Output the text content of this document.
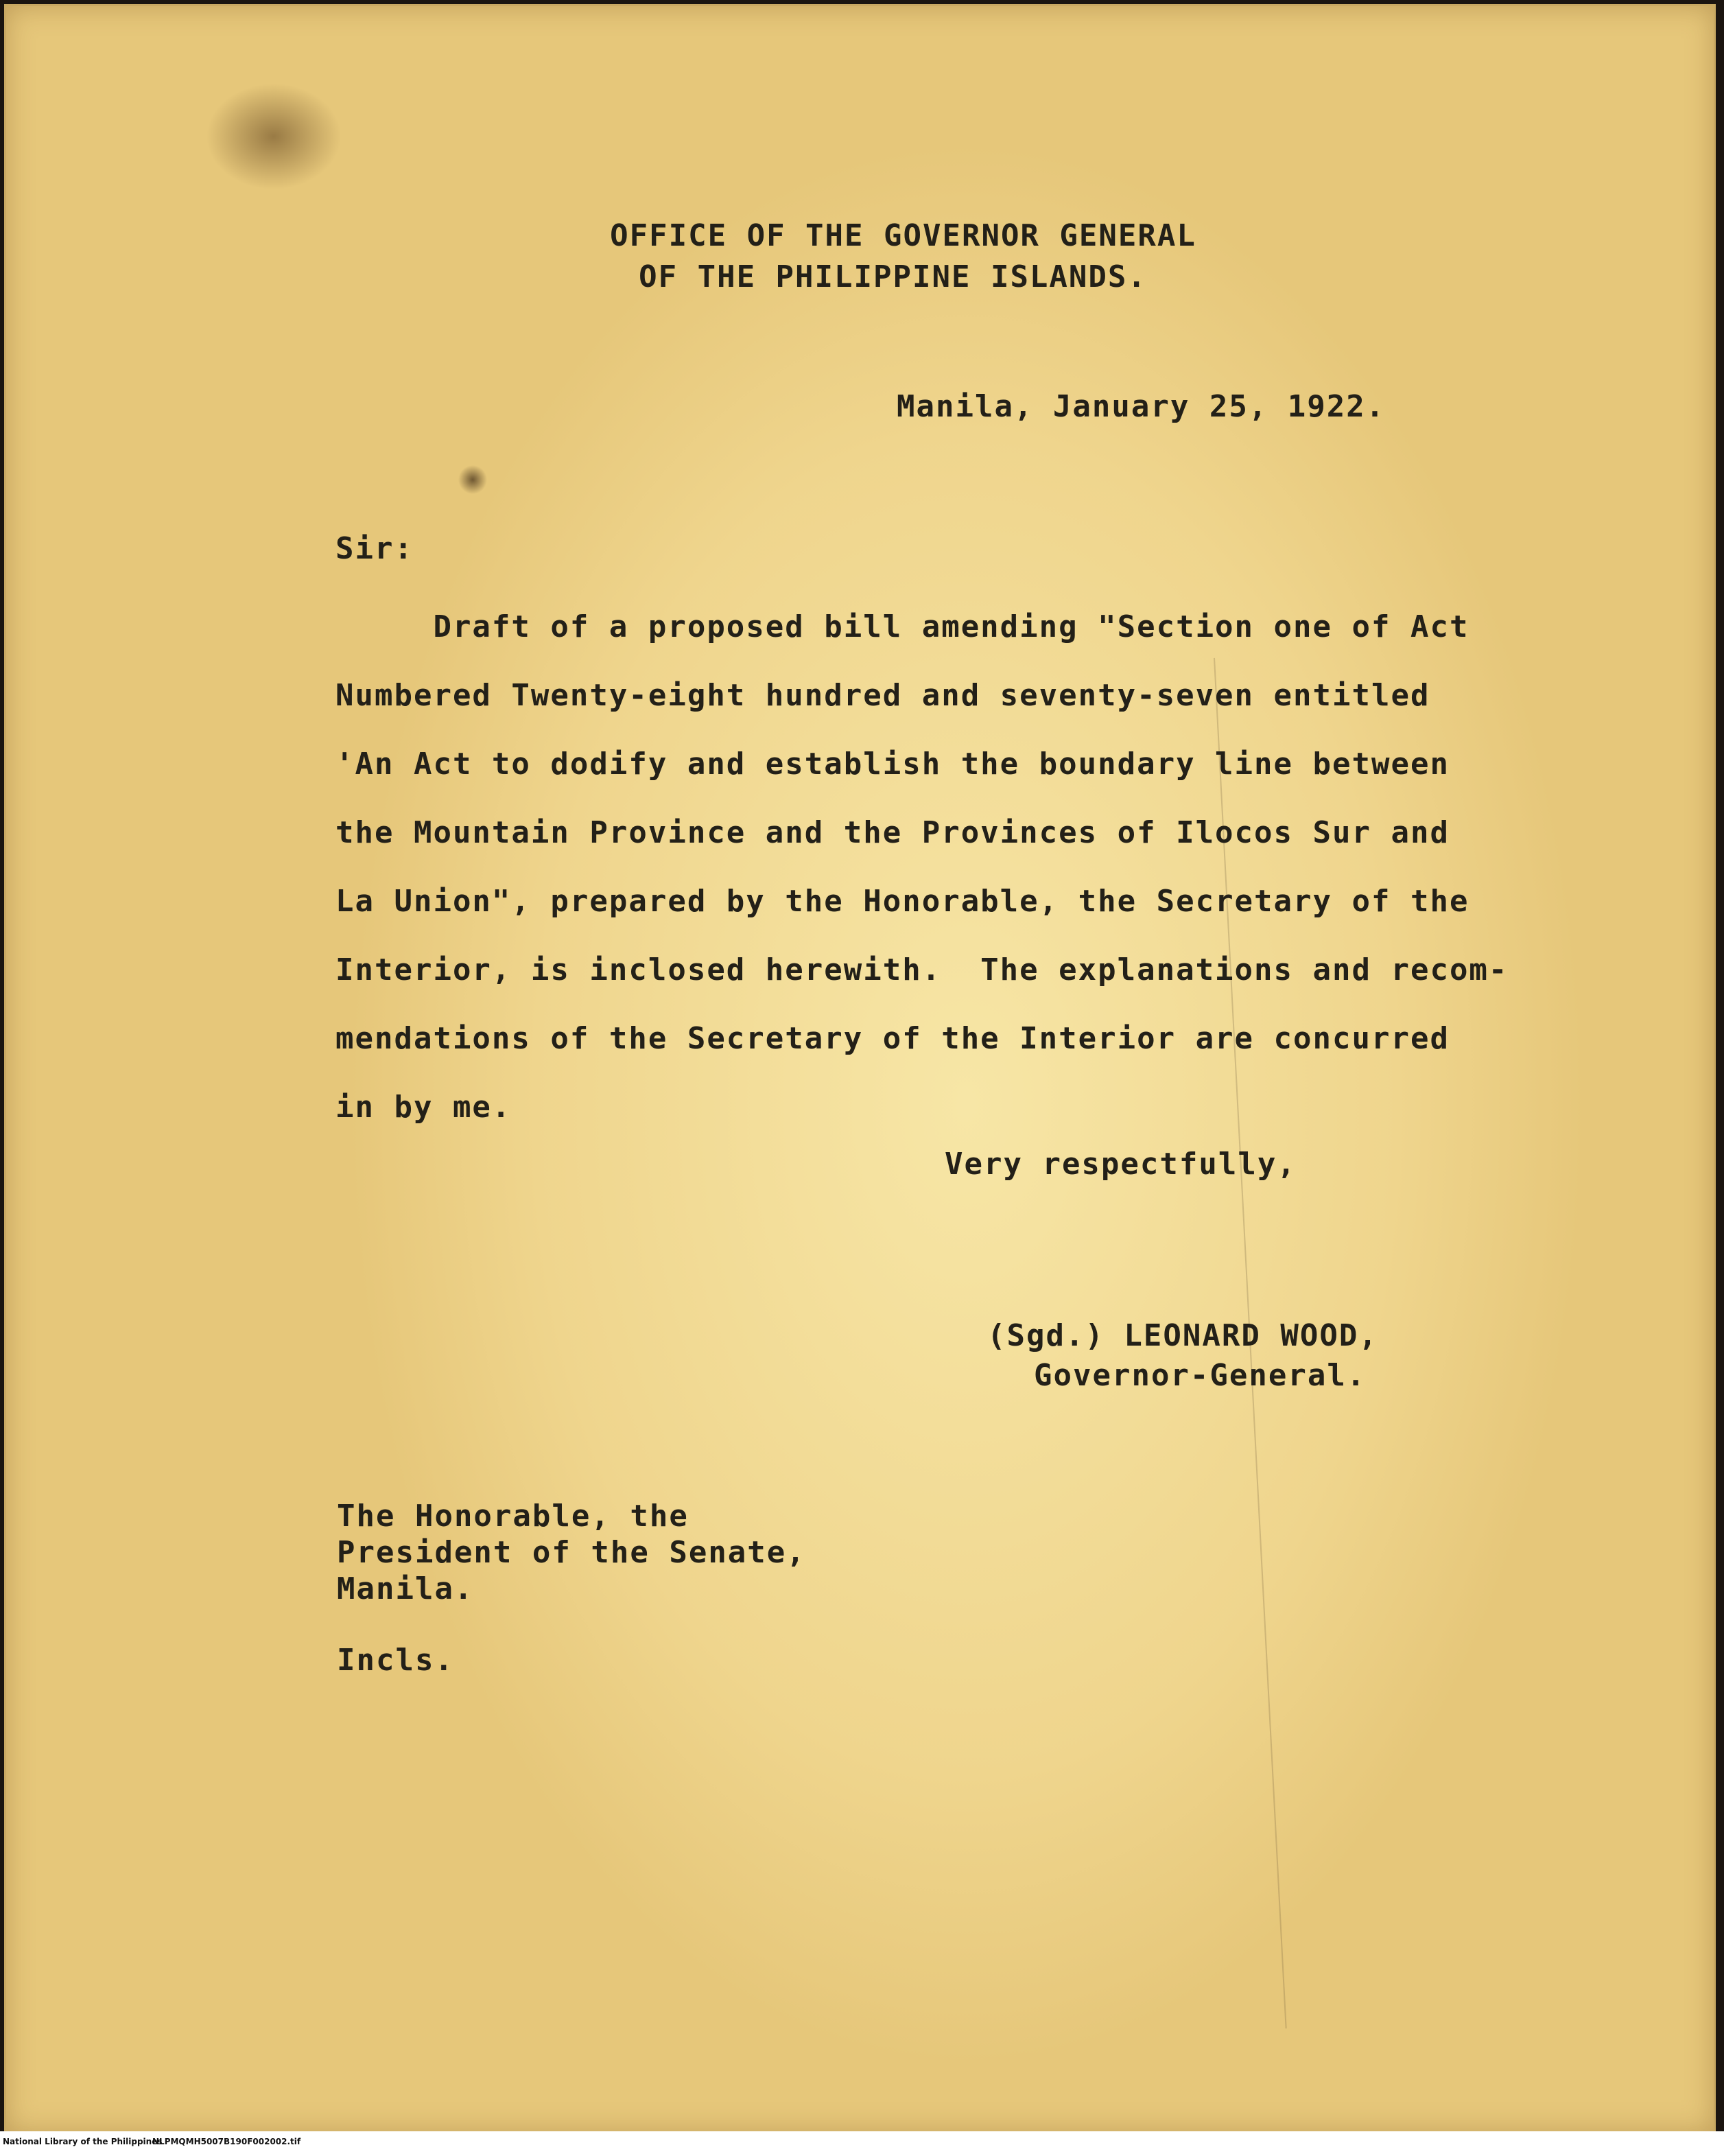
OFFICE OF THE GOVERNOR GENERAL

OF THE PHILIPPINE ISLANDS.

Manila, January 25, 1922.

Sir:

Draft of a proposed bill amending "Section one of Act

Numbered Twenty-eight hundred and seventy-seven entitled

'An Act to dodify and establish the boundary line between

the Mountain Province and the Provinces of Ilocos Sur and

La Union", prepared by the Honorable, the Secretary of the

Interior, is inclosed herewith.  The explanations and recom-

mendations of the Secretary of the Interior are concurred

in by me.

Very respectfully,

(Sgd.) LEONARD WOOD,

Governor-General.

The Honorable, the

President of the Senate,

Manila.

Incls.

National Library of the Philippines
NLPMQMH5007B190F002002.tif
